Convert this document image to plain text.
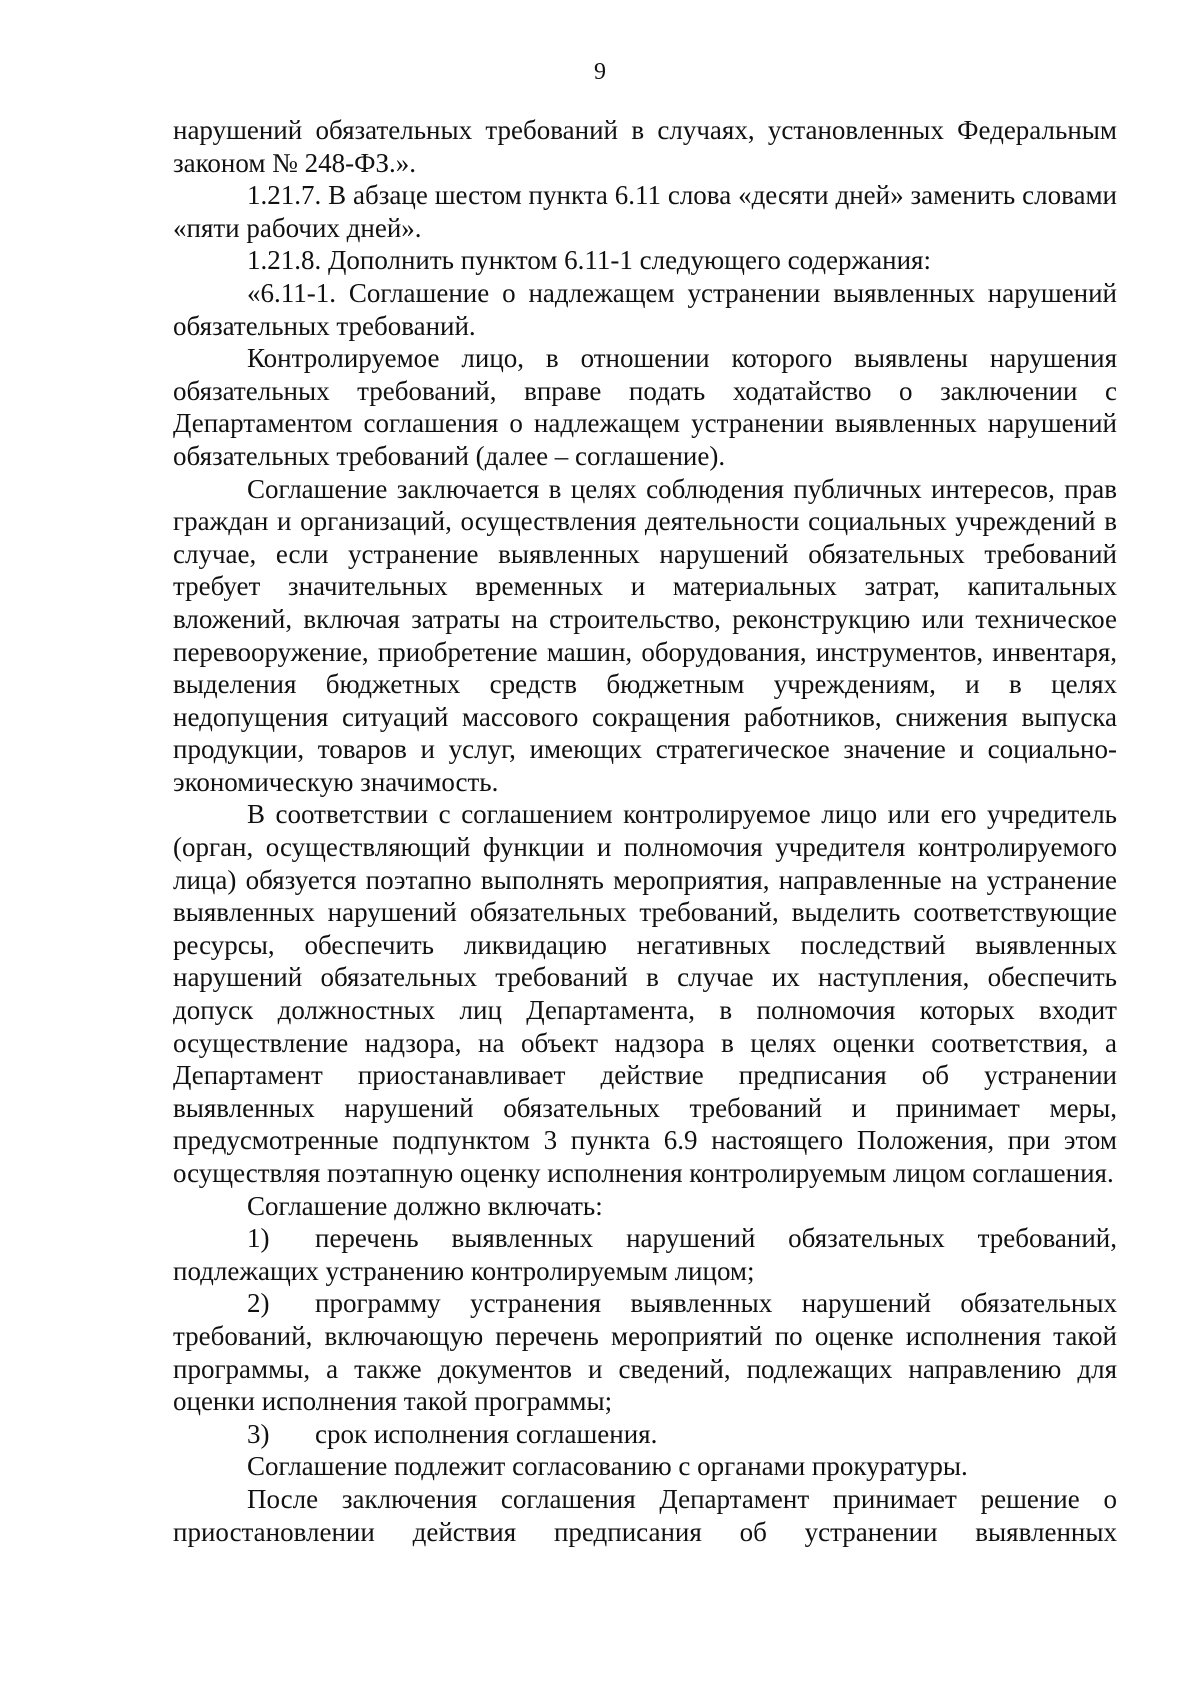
9

нарушений обязательных требований в случаях, установленных Федеральным законом № 248-ФЗ.».

1.21.7. В абзаце шестом пункта 6.11 слова «десяти дней» заменить словами «пяти рабочих дней».

1.21.8. Дополнить пунктом 6.11-1 следующего содержания:

«6.11-1. Соглашение о надлежащем устранении выявленных нарушений обязательных требований.

Контролируемое лицо, в отношении которого выявлены нарушения обязательных требований, вправе подать ходатайство о заключении с Департаментом соглашения о надлежащем устранении выявленных нарушений обязательных требований (далее – соглашение).

Соглашение заключается в целях соблюдения публичных интересов, прав граждан и организаций, осуществления деятельности социальных учреждений в случае, если устранение выявленных нарушений обязательных требований требует значительных временных и материальных затрат, капитальных вложений, включая затраты на строительство, реконструкцию или техническое перевооружение, приобретение машин, оборудования, инструментов, инвентаря, выделения бюджетных средств бюджетным учреждениям, и в целях недопущения ситуаций массового сокращения работников, снижения выпуска продукции, товаров и услуг, имеющих стратегическое значение и социально-экономическую значимость.

В соответствии с соглашением контролируемое лицо или его учредитель (орган, осуществляющий функции и полномочия учредителя контролируемого лица) обязуется поэтапно выполнять мероприятия, направленные на устранение выявленных нарушений обязательных требований, выделить соответствующие ресурсы, обеспечить ликвидацию негативных последствий выявленных нарушений обязательных требований в случае их наступления, обеспечить допуск должностных лиц Департамента, в полномочия которых входит осуществление надзора, на объект надзора в целях оценки соответствия, а Департамент приостанавливает действие предписания об устранении выявленных нарушений обязательных требований и принимает меры, предусмотренные подпунктом 3 пункта 6.9 настоящего Положения, при этом осуществляя поэтапную оценку исполнения контролируемым лицом соглашения.

Соглашение должно включать:

1) перечень выявленных нарушений обязательных требований, подлежащих устранению контролируемым лицом;

2) программу устранения выявленных нарушений обязательных требований, включающую перечень мероприятий по оценке исполнения такой программы, а также документов и сведений, подлежащих направлению для оценки исполнения такой программы;

3) срок исполнения соглашения.

Соглашение подлежит согласованию с органами прокуратуры.

После заключения соглашения Департамент принимает решение о приостановлении действия предписания об устранении выявленных
